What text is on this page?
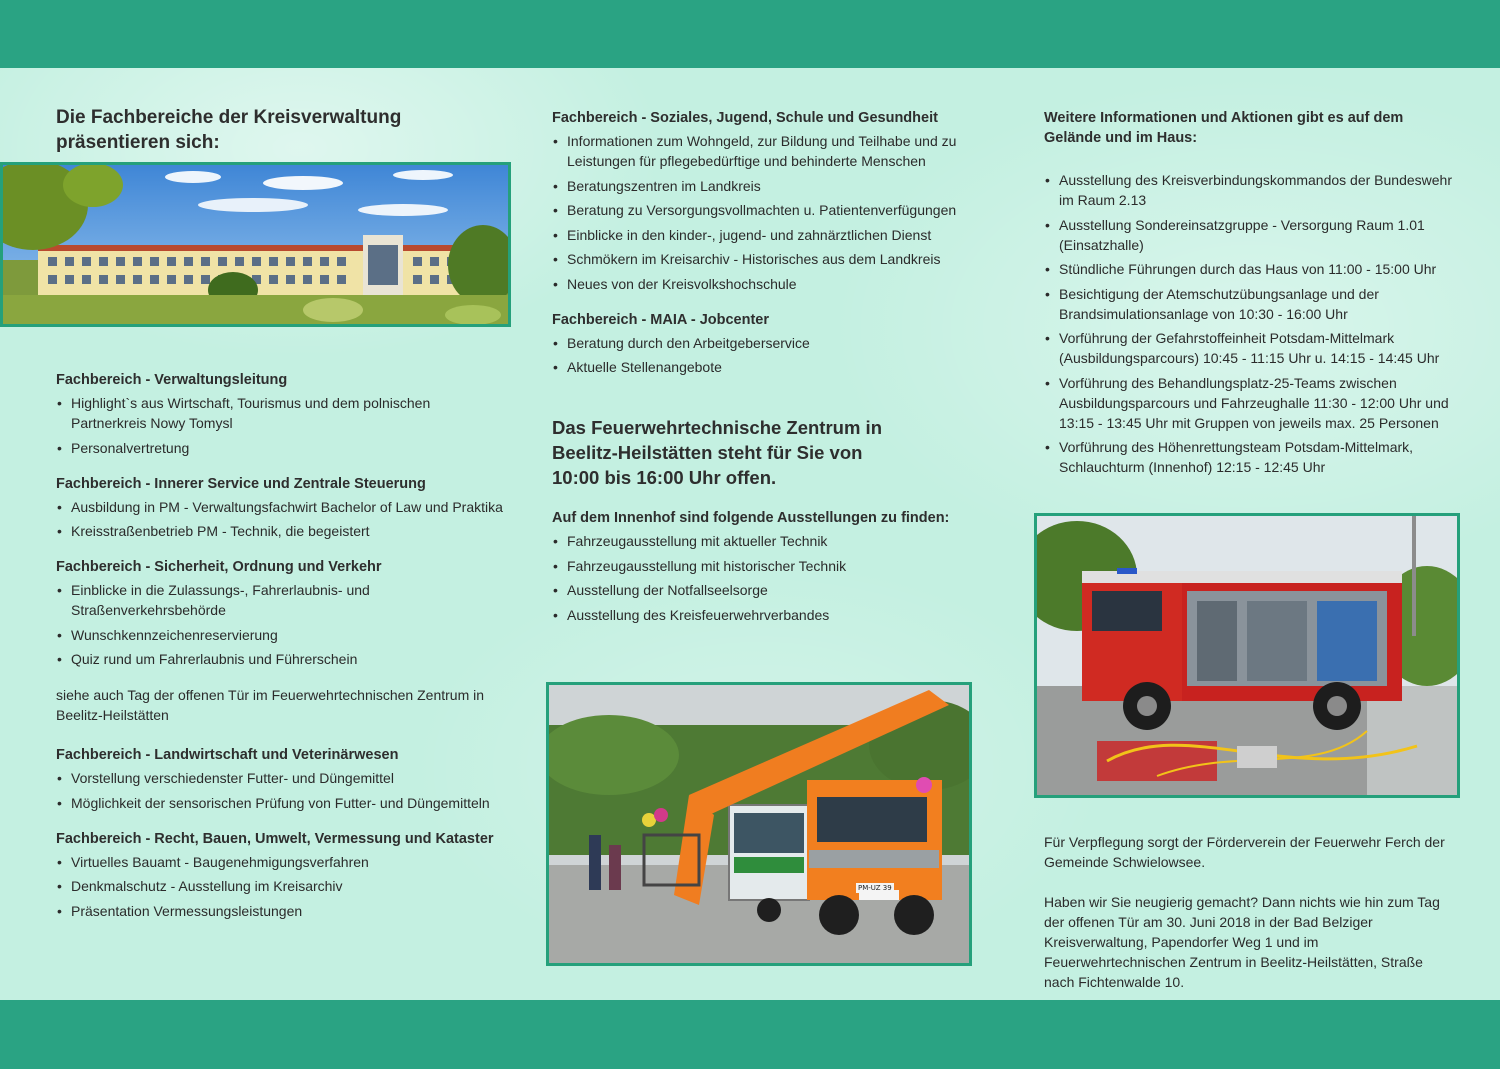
Die Fachbereiche der Kreisverwaltung präsentieren sich:
Fachbereich - Verwaltungsleitung
• Highlight`s aus Wirtschaft, Tourismus und dem polnischen Partnerkreis Nowy Tomysl
• Personalvertretung
Fachbereich - Innerer Service und Zentrale Steuerung
• Ausbildung in PM - Verwaltungsfachwirt Bachelor of Law und Praktika
• Kreisstraßenbetrieb PM - Technik, die begeistert
Fachbereich - Sicherheit, Ordnung und Verkehr
• Einblicke in die Zulassungs-, Fahrerlaubnis- und Straßenverkehrsbehörde
• Wunschkennzeichenreservierung
• Quiz rund um Fahrerlaubnis und Führerschein

siehe auch Tag der offenen Tür im Feuerwehrtechnischen Zentrum in Beelitz-Heilstätten

Fachbereich - Landwirtschaft und Veterinärwesen
• Vorstellung verschiedenster Futter- und Düngemittel
• Möglichkeit der sensorischen Prüfung von Futter- und Düngemitteln
Fachbereich - Recht, Bauen, Umwelt, Vermessung und Kataster
• Virtuelles Bauamt - Baugenehmigungsverfahren
• Denkmalschutz - Ausstellung im Kreisarchiv
• Präsentation Vermessungsleistungen
Fachbereich - Soziales, Jugend, Schule und Gesundheit
• Informationen zum Wohngeld, zur Bildung und Teilhabe und zu Leistungen für pflegebedürftige und behinderte Menschen
• Beratungszentren im Landkreis
• Beratung zu Versorgungsvollmachten u. Patientenverfügungen
• Einblicke in den kinder-, jugend- und zahnärztlichen Dienst
• Schmökern im Kreisarchiv - Historisches aus dem Landkreis
• Neues von der Kreisvolkshochschule
Fachbereich - MAIA - Jobcenter
• Beratung durch den Arbeitgeberservice
• Aktuelle Stellenangebote
Das Feuerwehrtechnische Zentrum in Beelitz-Heilstätten steht für Sie von 10:00 bis 16:00 Uhr offen.
Auf dem Innenhof sind folgende Ausstellungen zu finden:
• Fahrzeugausstellung mit aktueller Technik
• Fahrzeugausstellung mit historischer Technik
• Ausstellung der Notfallseelsorge
• Ausstellung des Kreisfeuerwehrverbandes
Weitere Informationen und Aktionen gibt es auf dem Gelände und im Haus:
• Ausstellung des Kreisverbindungskommandos der Bundeswehr im Raum 2.13
• Ausstellung Sondereinsatzgruppe - Versorgung Raum 1.01 (Einsatzhalle)
• Stündliche Führungen durch das Haus von 11:00 - 15:00 Uhr
• Besichtigung der Atemschutzübungsanlage und der Brandsimulationsanlage von 10:30 - 16:00 Uhr
• Vorführung der Gefahrstoffeinheit Potsdam-Mittelmark (Ausbildungsparcours) 10:45 - 11:15 Uhr u. 14:15 - 14:45 Uhr
• Vorführung des Behandlungsplatz-25-Teams zwischen Ausbildungsparcours und Fahrzeughalle 11:30 - 12:00 Uhr und 13:15 - 13:45 Uhr mit Gruppen von jeweils max. 25 Personen
• Vorführung des Höhenrettungsteam Potsdam-Mittelmark, Schlauchturm (Innenhof) 12:15 - 12:45 Uhr

Für Verpflegung sorgt der Förderverein der Feuerwehr Ferch der Gemeinde Schwielowsee.

Haben wir Sie neugierig gemacht? Dann nichts wie hin zum Tag der offenen Tür am 30. Juni 2018 in der Bad Belziger Kreisverwaltung, Papendorfer Weg 1 und im Feuerwehrtechnischen Zentrum in Beelitz-Heilstätten, Straße nach Fichtenwalde 10.

PM-UZ 39
